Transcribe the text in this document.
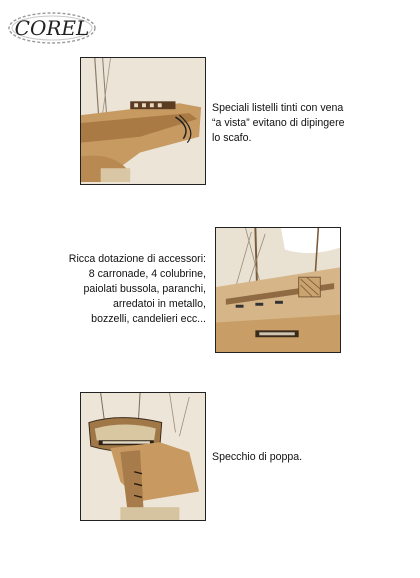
COREL

Speciali listelli tinti con vena
“a vista” evitano di dipingere
lo scafo.

Ricca dotazione di accessori:
8 carronade, 4 colubrine,
paiolati bussola, paranchi,
arredatoi in metallo,
bozzelli, candelieri ecc...

Specchio di poppa.
